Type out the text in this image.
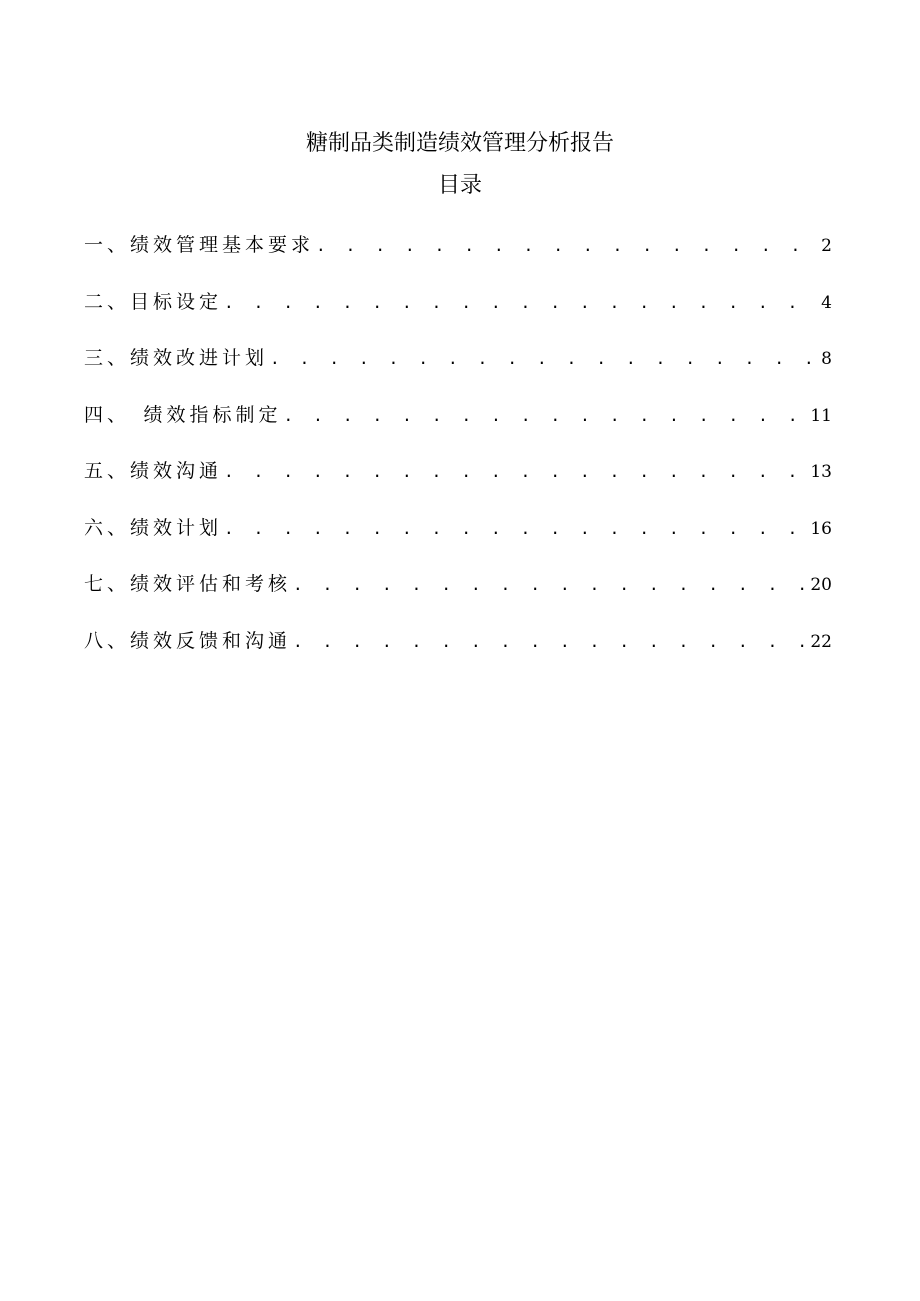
糖制品类制造绩效管理分析报告
目录
一、绩效管理基本要求 . . .	2
二、目标设定 . . .	4
三、绩效改进计划 . . .	8
四、　绩效指标制定 . . .	11
五、绩效沟通 . . .	13
六、绩效计划 . . .	16
七、绩效评估和考核 . . .	20
八、绩效反馈和沟通 . . .	22
